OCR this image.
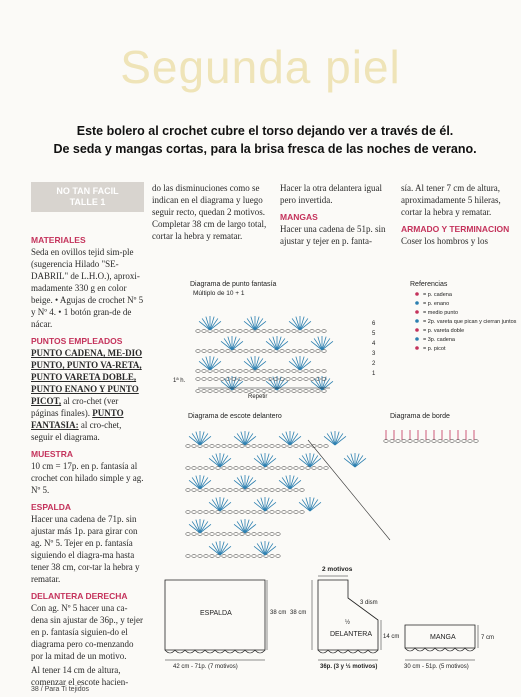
Segunda piel
Este bolero al crochet cubre el torso dejando ver a través de él.
De seda y mangas cortas, para la brisa fresca de las noches de verano.
NO TAN FACIL
TALLE 1
MATERIALES
Seda en ovillos tejid sim-ple (sugerencia Hilado "SE-DABRIL" de L.H.O.), aproxi-madamente 330 g en color beige. • Agujas de crochet Nº 5 y Nº 4. • 1 botón gran-de de nácar.
PUNTOS EMPLEADOS
PUNTO CADENA, ME-DIO PUNTO, PUNTO VA-RETA, PUNTO VARETA DOBLE, PUNTO ENANO Y PUNTO PICOT, al cro-chet (ver páginas finales). PUNTO FANTASIA: al cro-chet, seguir el diagrama.
MUESTRA
10 cm = 17p. en p. fantasía al crochet con hilado simple y ag. Nº 5.
ESPALDA
Hacer una cadena de 71p. sin ajustar más 1p. para girar con ag. Nº 5. Tejer en p. fantasía siguiendo el diagra-ma hasta tener 38 cm, cor-tar la hebra y rematar.
DELANTERA DERECHA
Con ag. Nº 5 hacer una ca-dena sin ajustar de 36p., y tejer en p. fantasía siguien-do el diagrama pero co-menzando por la mitad de un motivo.
Al tener 14 cm de altura, comenzar el escote hacien-
do las disminuciones como se indican en el diagrama y luego seguir recto, quedan 2 motivos. Completar 38 cm de largo total, cortar la hebra y rematar.
Hacer la otra delantera igual pero invertida.
MANGAS
Hacer una cadena de 51p. sin ajustar y tejer en p. fanta-
sía. Al tener 7 cm de altura, aproximadamente 5 hileras, cortar la hebra y rematar.
ARMADO Y TERMINACION
Coser los hombros y los
Diagrama de punto fantasía
Múltiplo de 10 + 1
Repetir
1ª h.
6
5
4
3
2
1
Referencias
= p. cadena
= p. enano
= medio punto
= 2p. vareta que pican y cierran juntos
= p. vareta doble
= 3p. cadena
= p. picot
Diagrama de escote delantero	Diagrama de borde
ESPALDA	38 cm
42 cm - 71p. (7 motivos)
2 motivos
3 dism
½
DELANTERA
38 cm
14 cm
36p. (3 y ½ motivos)
MANGA	7 cm
30 cm - 51p. (5 motivos)
38 / Para Ti tejidos
